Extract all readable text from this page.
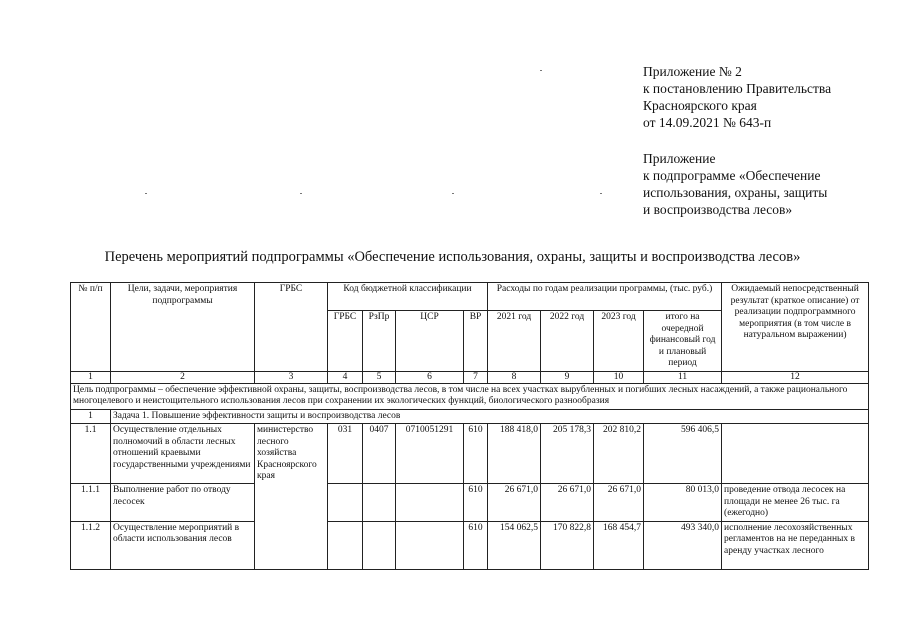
Приложение № 2
к постановлению Правительства
Красноярского края
от 14.09.2021 № 643-п
Приложение
к подпрограмме «Обеспечение
использования, охраны, защиты
и воспроизводства лесов»
Перечень мероприятий подпрограммы «Обеспечение использования, охраны, защиты и воспроизводства лесов»
№ п/п	Цели, задачи, мероприятия подпрограммы	ГРБС	Код бюджетной классификации				Расходы по годам реализации программы, (тыс. руб.)				Ожидаемый непосредственный результат (краткое описание) от реализации подпрограммного мероприятия (в том числе в натуральном выражении)
			ГРБС	РзПр	ЦСР	ВР	2021 год	2022 год	2023 год	итого на очередной финансовый год и плановый период	
1	2	3	4	5	6	7	8	9	10	11	12
Цель подпрограммы – обеспечение эффективной охраны, защиты, воспроизводства лесов, в том числе на всех участках вырубленных и погибших лесных насаждений, а также рационального многоцелевого и неистощительного использования лесов при сохранении их экологических функций, биологического разнообразия											
1	Задача 1. Повышение эффективности защиты и воспроизводства лесов										
1.1	Осуществление отдельных полномочий в области лесных отношений краевыми государственными учреждениями	министерство лесного хозяйства Красноярского края	031	0407	0710051291	610	188 418,0	205 178,3	202 810,2	596 406,5	
1.1.1	Выполнение работ по отводу лесосек					610	26 671,0	26 671,0	26 671,0	80 013,0	проведение отвода лесосек на площади не менее 26 тыс. га (ежегодно)
1.1.2	Осуществление мероприятий в области использования лесов					610	154 062,5	170 822,8	168 454,7	493 340,0	исполнение лесохозяйственных регламентов на не переданных в аренду участках лесного
